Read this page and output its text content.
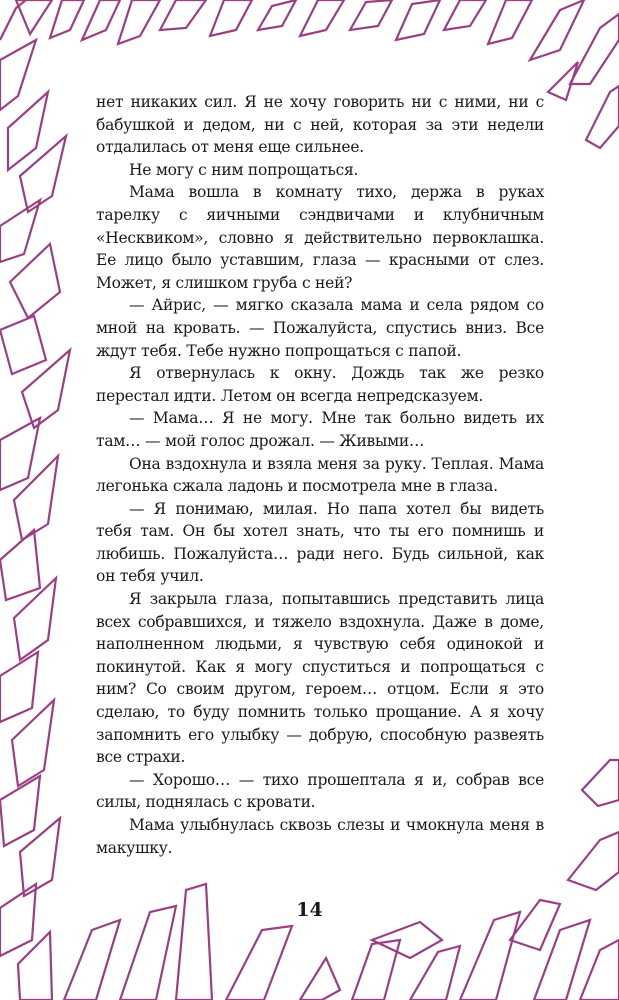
нет никаких сил. Я не хочу говорить ни с ними, ни с бабушкой и дедом, ни с ней, которая за эти недели отдалилась от меня еще сильнее.

Не могу с ним попрощаться.

Мама вошла в комнату тихо, держа в руках тарелку с яичными сэндвичами и клубничным «Несквиком», словно я действительно первоклашка. Ее лицо было уставшим, глаза — красными от слез. Может, я слишком груба с ней?

— Айрис, — мягко сказала мама и села рядом со мной на кровать. — Пожалуйста, спустись вниз. Все ждут тебя. Тебе нужно попрощаться с папой.

Я отвернулась к окну. Дождь так же резко перестал идти. Летом он всегда непредсказуем.

— Мама… Я не могу. Мне так больно видеть их там… — мой голос дрожал. — Живыми…

Она вздохнула и взяла меня за руку. Теплая. Мама легонька сжала ладонь и посмотрела мне в глаза.

— Я понимаю, милая. Но папа хотел бы видеть тебя там. Он бы хотел знать, что ты его помнишь и любишь. Пожалуйста… ради него. Будь сильной, как он тебя учил.

Я закрыла глаза, попытавшись представить лица всех собравшихся, и тяжело вздохнула. Даже в доме, наполненном людьми, я чувствую себя одинокой и покинутой. Как я могу спуститься и попрощаться с ним? Со своим другом, героем… отцом. Если я это сделаю, то буду помнить только прощание. А я хочу запомнить его улыбку — добрую, способную развеять все страхи.

— Хорошо… — тихо прошептала я и, собрав все силы, поднялась с кровати.

Мама улыбнулась сквозь слезы и чмокнула меня в макушку.

14
